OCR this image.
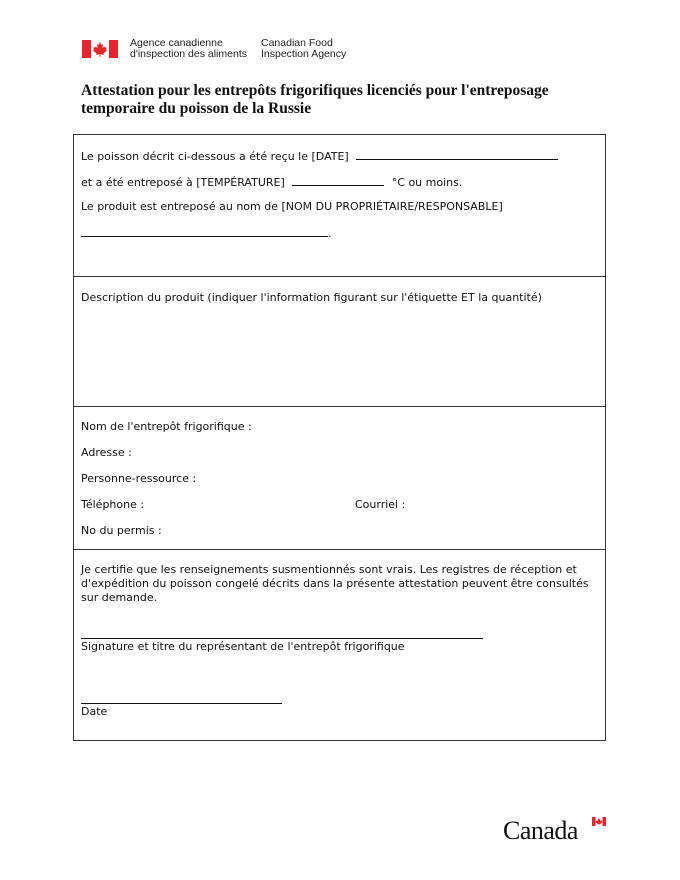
Agence canadienne
d'inspection des aliments
Canadian Food
Inspection Agency
Attestation pour les entrepôts frigorifiques licenciés pour l'entreposage temporaire du poisson de la Russie
Le poisson décrit ci-dessous a été reçu le [DATE]
et a été entreposé à [TEMPÉRATURE]	°C ou moins.
Le produit est entreposé au nom de [NOM DU PROPRIÉTAIRE/RESPONSABLE]
.
Description du produit (indiquer l'information figurant sur l'étiquette ET la quantité)
Nom de l'entrepôt frigorifique :
Adresse :
Personne-ressource :
Téléphone :	Courriel :
No du permis :
Je certifie que les renseignements susmentionnés sont vrais. Les registres de réception et d'expédition du poisson congelé décrits dans la présente attestation peuvent être consultés sur demande.
Signature et titre du représentant de l'entrepôt frigorifique
Date
Canada
